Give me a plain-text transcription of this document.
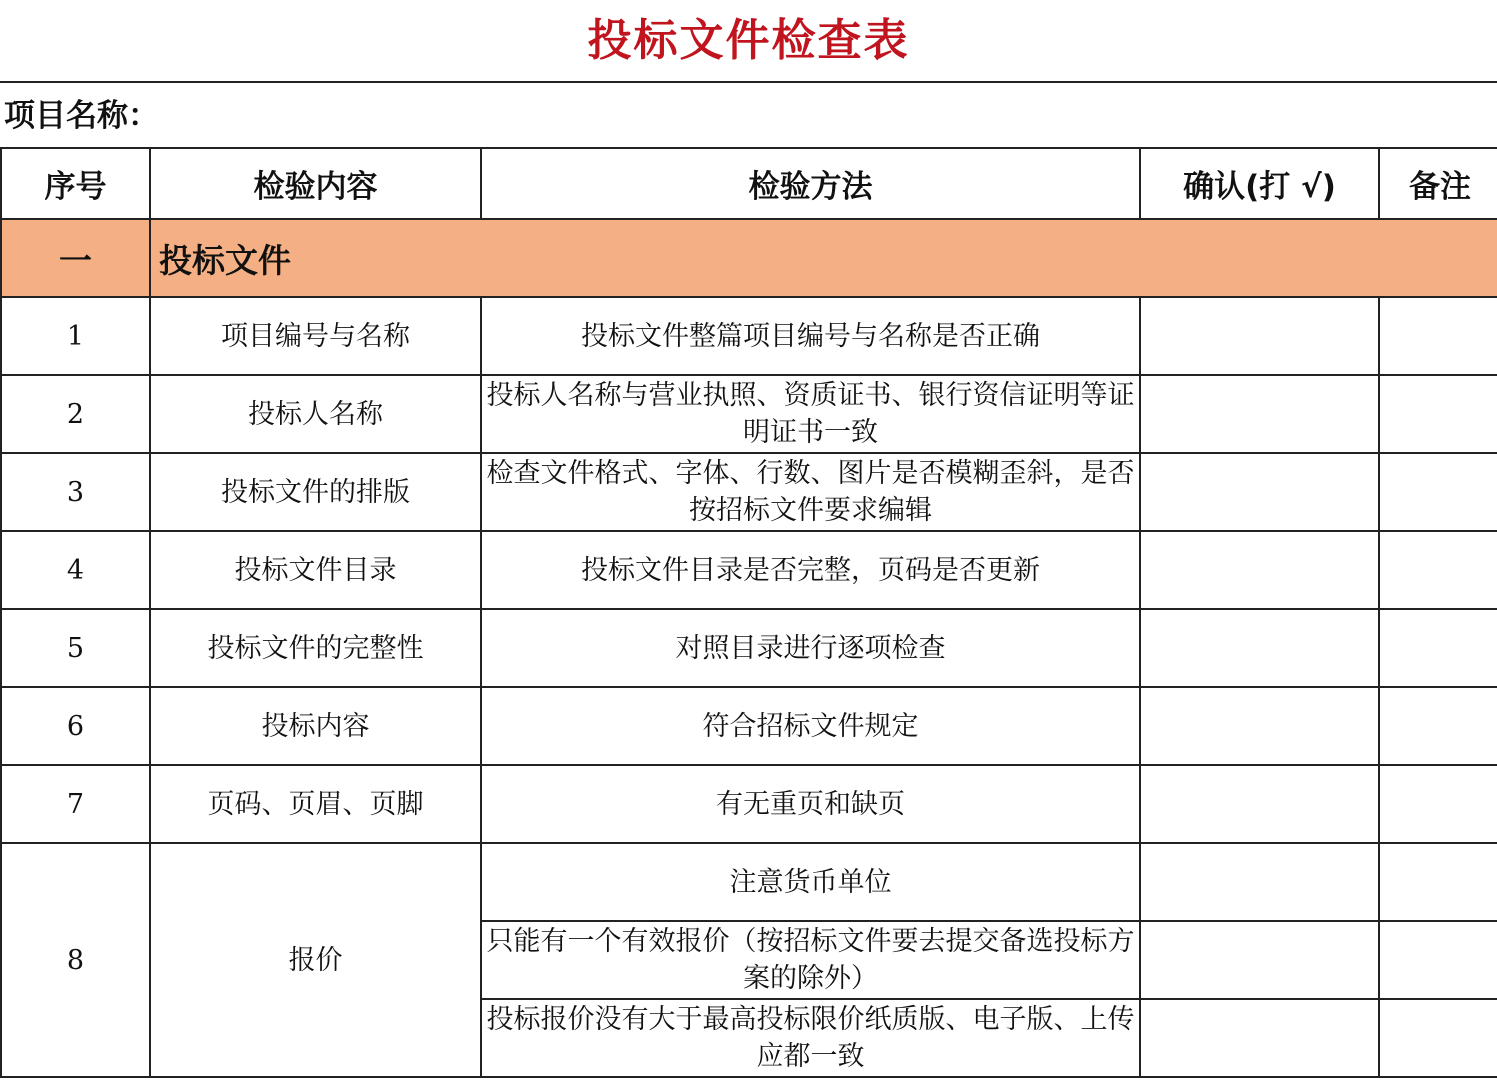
投标文件检查表
项目名称：
序号	检验内容	检验方法	确认(打 √)	备注
一	投标文件			
1	项目编号与名称	投标文件整篇项目编号与名称是否正确		
2	投标人名称	投标人名称与营业执照、资质证书、银行资信证明等证明证书一致		
3	投标文件的排版	检查文件格式、字体、行数、图片是否模糊歪斜，是否按招标文件要求编辑		
4	投标文件目录	投标文件目录是否完整，页码是否更新		
5	投标文件的完整性	对照目录进行逐项检查		
6	投标内容	符合招标文件规定		
7	页码、页眉、页脚	有无重页和缺页		
8	报价	注意货币单位		
		只能有一个有效报价（按招标文件要去提交备选投标方案的除外）		
		投标报价没有大于最高投标限价纸质版、电子版、上传应都一致		
